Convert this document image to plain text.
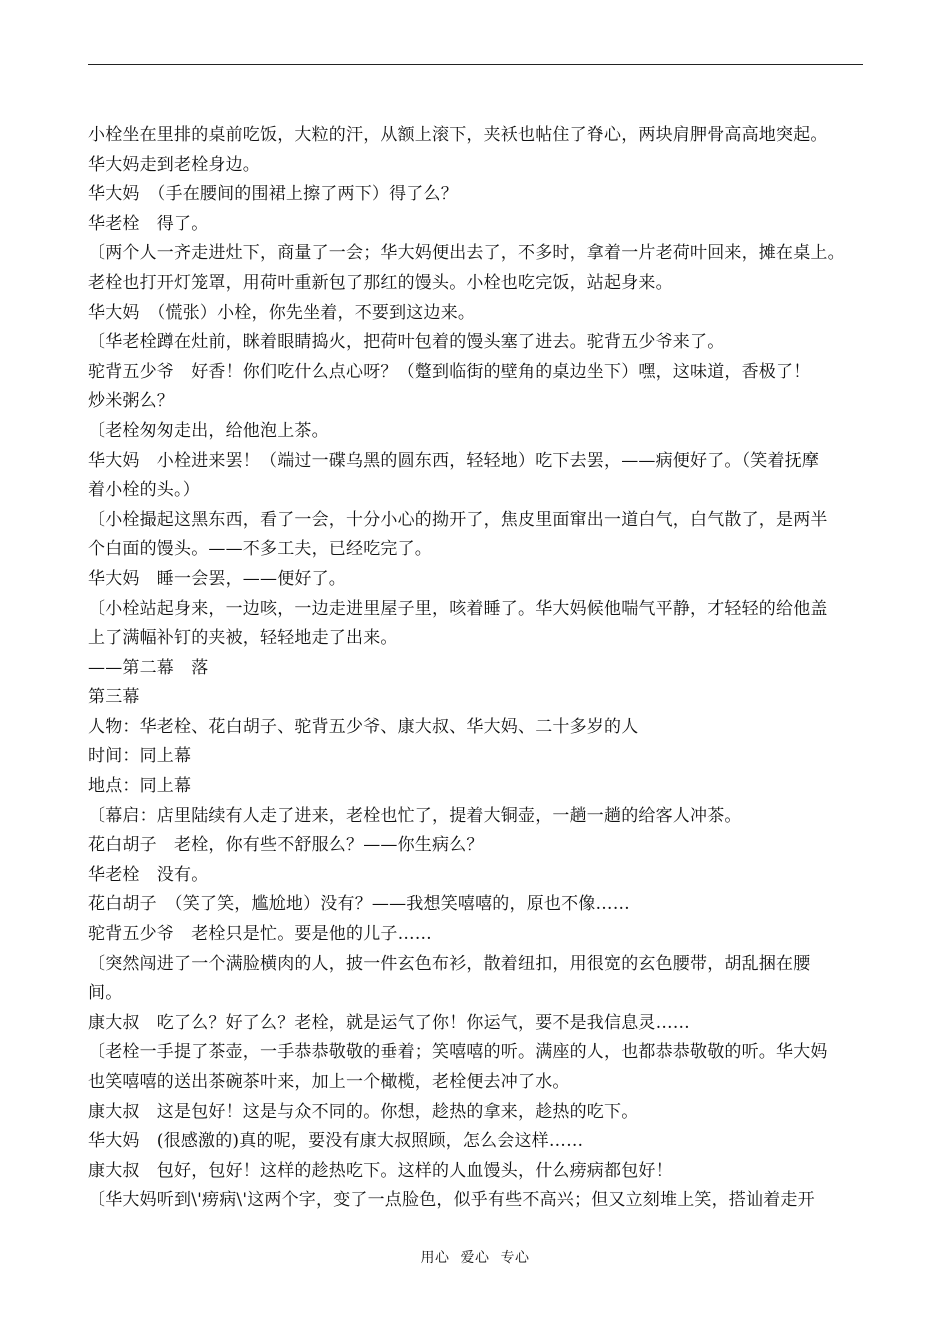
小栓坐在里排的桌前吃饭，大粒的汗，从额上滚下，夹袄也帖住了脊心，两块肩胛骨高高地突起。
华大妈走到老栓身边。
华大妈　（手在腰间的围裙上擦了两下）得了么？
华老栓　得了。
〔两个人一齐走进灶下，商量了一会；华大妈便出去了，不多时，拿着一片老荷叶回来，摊在桌上。
老栓也打开灯笼罩，用荷叶重新包了那红的馒头。小栓也吃完饭，站起身来。
华大妈　（慌张）小栓，你先坐着，不要到这边来。
〔华老栓蹲在灶前，眯着眼睛捣火，把荷叶包着的馒头塞了进去。驼背五少爷来了。
驼背五少爷　好香！你们吃什么点心呀？（蹩到临街的壁角的桌边坐下）嘿，这味道，香极了！
炒米粥么？
〔老栓匆匆走出，给他泡上茶。
华大妈　小栓进来罢！（端过一碟乌黑的圆东西，轻轻地）吃下去罢，——病便好了。（笑着抚摩
着小栓的头。）
〔小栓撮起这黑东西，看了一会，十分小心的拗开了，焦皮里面窜出一道白气，白气散了，是两半
个白面的馒头。——不多工夫，已经吃完了。
华大妈　睡一会罢，——便好了。
〔小栓站起身来，一边咳，一边走进里屋子里，咳着睡了。华大妈候他喘气平静，才轻轻的给他盖
上了满幅补钉的夹被，轻轻地走了出来。
——第二幕　落
第三幕
人物：华老栓、花白胡子、驼背五少爷、康大叔、华大妈、二十多岁的人
时间：同上幕
地点：同上幕
〔幕启：店里陆续有人走了进来，老栓也忙了，提着大铜壶，一趟一趟的给客人冲茶。
花白胡子　老栓，你有些不舒服么？——你生病么？
华老栓　没有。
花白胡子　（笑了笑，尴尬地）没有？——我想笑嘻嘻的，原也不像……
驼背五少爷　老栓只是忙。要是他的儿子……
〔突然闯进了一个满脸横肉的人，披一件玄色布衫，散着纽扣，用很宽的玄色腰带，胡乱捆在腰
间。
康大叔　吃了么？好了么？老栓，就是运气了你！你运气，要不是我信息灵……
〔老栓一手提了茶壶，一手恭恭敬敬的垂着；笑嘻嘻的听。满座的人，也都恭恭敬敬的听。华大妈
也笑嘻嘻的送出茶碗茶叶来，加上一个橄榄，老栓便去冲了水。
康大叔　这是包好！这是与众不同的。你想，趁热的拿来，趁热的吃下。
华大妈　(很感激的)真的呢，要没有康大叔照顾，怎么会这样……
康大叔　包好，包好！这样的趁热吃下。这样的人血馒头，什么痨病都包好！
〔华大妈听到\'痨病\'这两个字，变了一点脸色，似乎有些不高兴；但又立刻堆上笑，搭讪着走开
用心 爱心 专心
